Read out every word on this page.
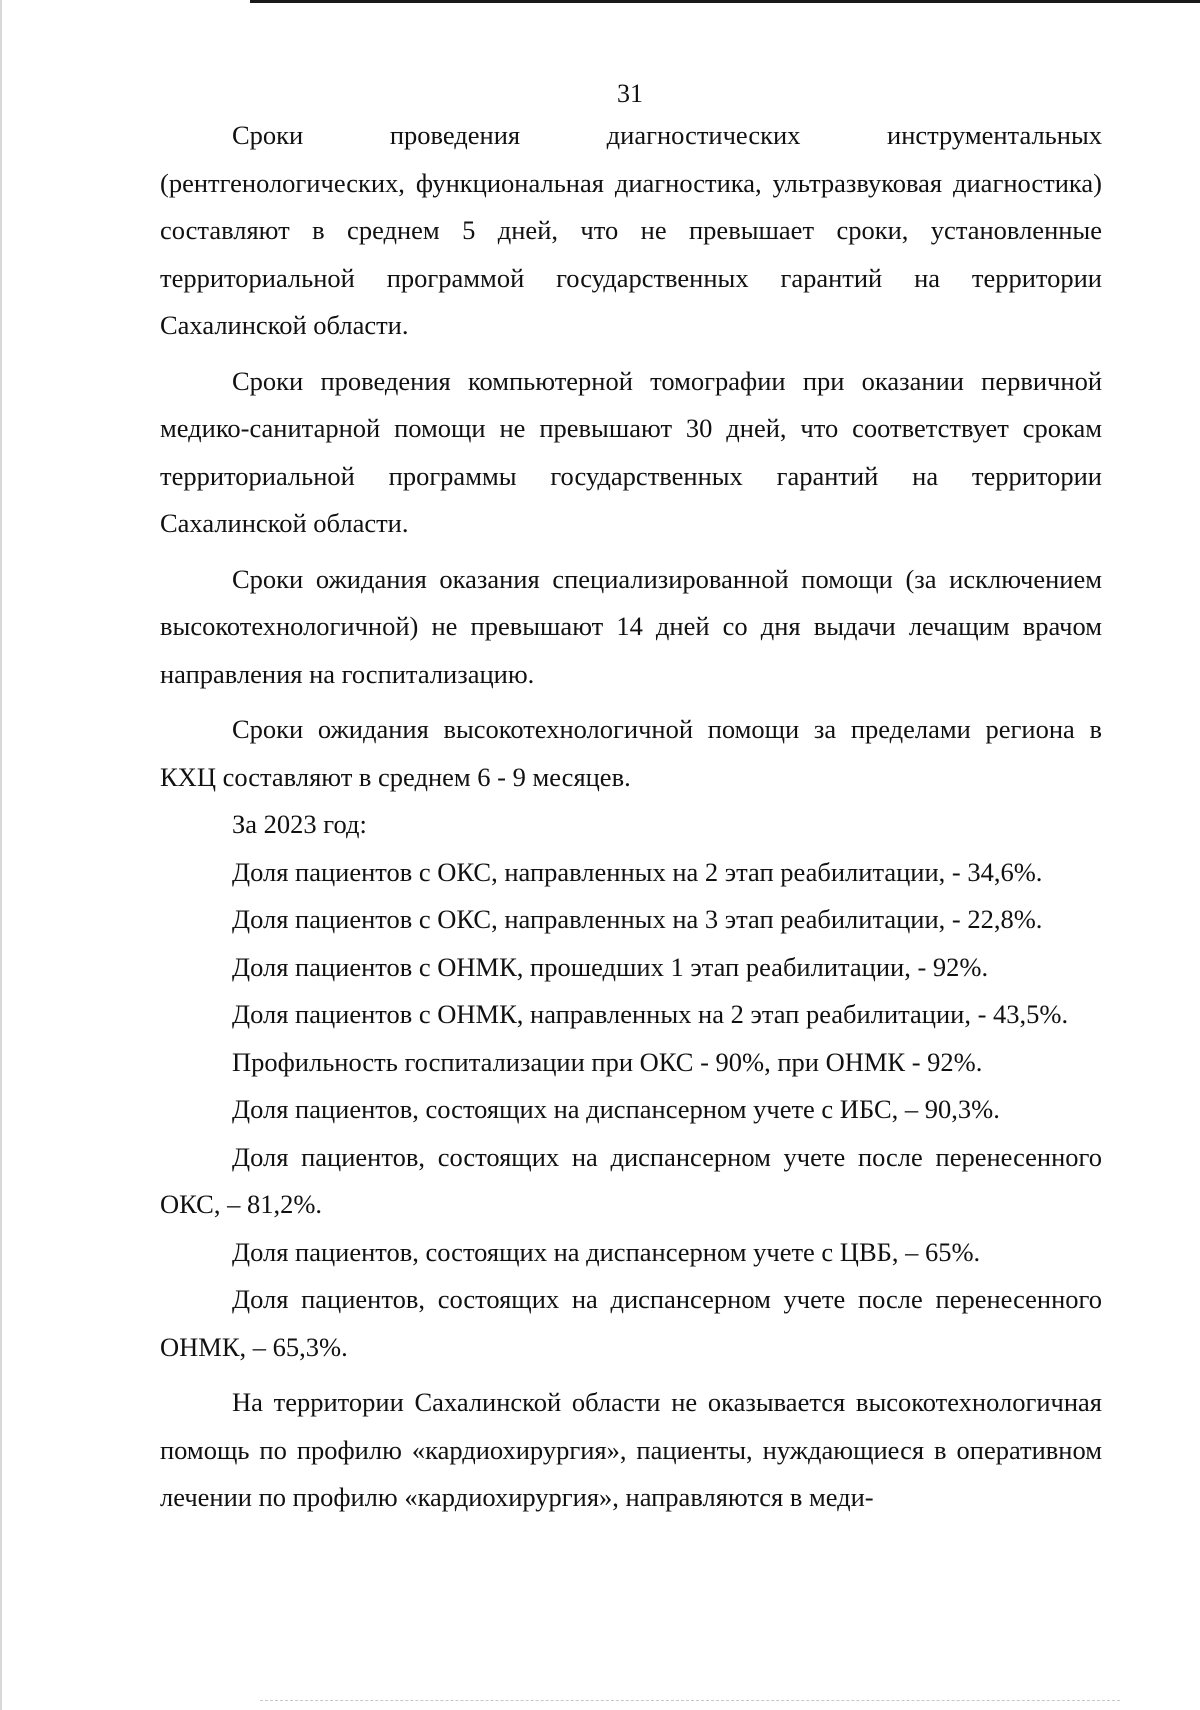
31

Сроки проведения диагностических инструментальных (рентгенологических, функциональная диагностика, ультразвуковая диагностика) составляют в среднем 5 дней, что не превышает сроки, установленные территориальной программой государственных гарантий на территории Сахалинской области.

Сроки проведения компьютерной томографии при оказании первичной медико-санитарной помощи не превышают 30 дней, что соответствует срокам территориальной программы государственных гарантий на территории Сахалинской области.

Сроки ожидания оказания специализированной помощи (за исключением высокотехнологичной) не превышают 14 дней со дня выдачи лечащим врачом направления на госпитализацию.

Сроки ожидания высокотехнологичной помощи за пределами региона в КХЦ составляют в среднем 6 - 9 месяцев.

За 2023 год:

Доля пациентов с ОКС, направленных на 2 этап реабилитации, - 34,6%.

Доля пациентов с ОКС, направленных на 3 этап реабилитации, - 22,8%.

Доля пациентов с ОНМК, прошедших 1 этап реабилитации, - 92%.

Доля пациентов с ОНМК, направленных на 2 этап реабилитации, - 43,5%.

Профильность госпитализации при ОКС - 90%, при ОНМК - 92%.

Доля пациентов, состоящих на диспансерном учете с ИБС, – 90,3%.

Доля пациентов, состоящих на диспансерном учете после перенесенного ОКС, – 81,2%.

Доля пациентов, состоящих на диспансерном учете с ЦВБ, – 65%.

Доля пациентов, состоящих на диспансерном учете после перенесенного ОНМК, – 65,3%.

На территории Сахалинской области не оказывается высокотехнологичная помощь по профилю «кардиохирургия», пациенты, нуждающиеся в оперативном лечении по профилю «кардиохирургия», направляются в меди-
